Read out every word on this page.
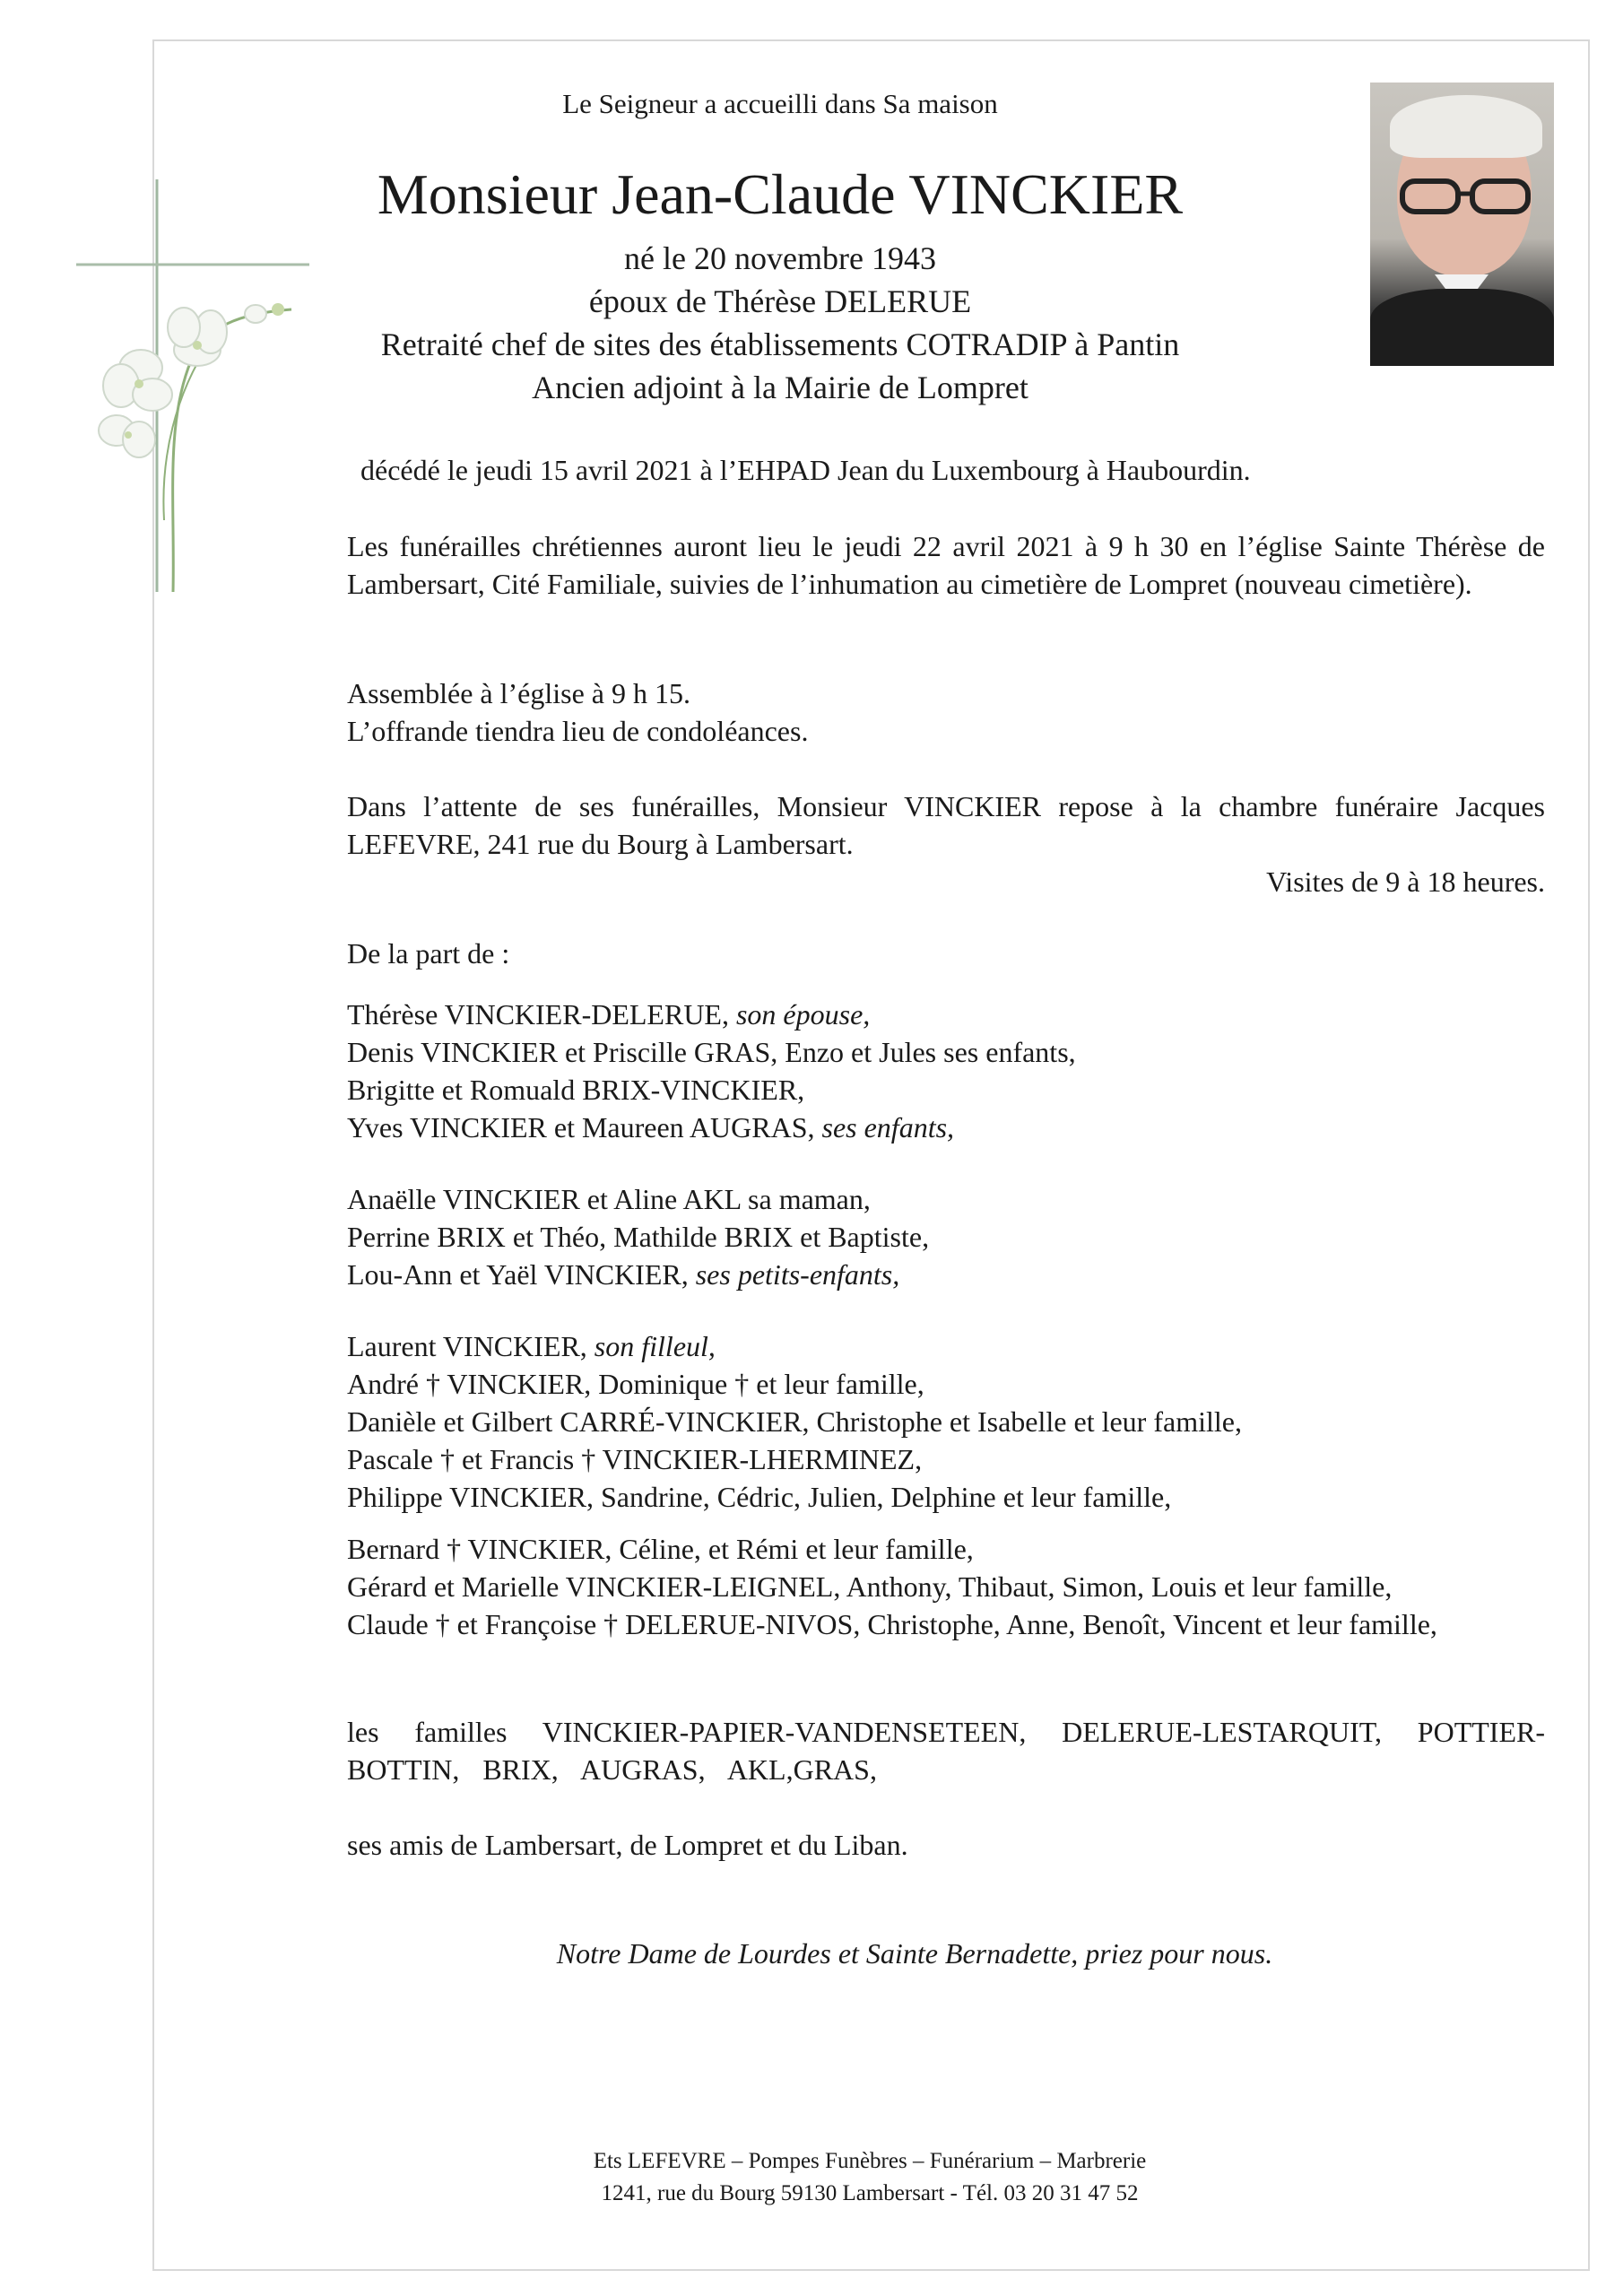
Le Seigneur a accueilli dans Sa maison
Monsieur Jean-Claude VINCKIER
né le 20 novembre 1943
époux de Thérèse DELERUE
Retraité chef de sites des établissements COTRADIP à Pantin
Ancien adjoint à la Mairie de Lompret
décédé le jeudi 15 avril 2021 à l’EHPAD Jean du Luxembourg à Haubourdin.
Les funérailles chrétiennes auront lieu le jeudi 22 avril 2021 à 9 h 30 en l’église Sainte Thérèse de Lambersart, Cité Familiale, suivies de l’inhumation au cimetière de Lompret (nouveau cimetière).
Assemblée à l’église à 9 h 15.
L’offrande tiendra lieu de condoléances.
Dans l’attente de ses funérailles, Monsieur VINCKIER repose à la chambre funéraire Jacques LEFEVRE, 241 rue du Bourg à Lambersart.
Visites de 9 à 18 heures.
De la part de :

Thérèse VINCKIER-DELERUE, son épouse,

Denis VINCKIER et Priscille GRAS, Enzo et Jules ses enfants,

Brigitte et Romuald BRIX-VINCKIER,

Yves VINCKIER et Maureen AUGRAS, ses enfants,

Anaëlle VINCKIER et Aline AKL sa maman,

Perrine BRIX et Théo, Mathilde BRIX et Baptiste,

Lou-Ann et Yaël VINCKIER, ses petits-enfants,

Laurent VINCKIER, son filleul,

André † VINCKIER, Dominique † et leur famille,

Danièle et Gilbert CARRÉ-VINCKIER, Christophe et Isabelle et leur famille,

Pascale † et Francis † VINCKIER-LHERMINEZ,

Philippe VINCKIER, Sandrine, Cédric, Julien, Delphine et leur famille,

Bernard † VINCKIER, Céline, et Rémi et leur famille,

Gérard et Marielle VINCKIER-LEIGNEL, Anthony, Thibaut, Simon, Louis et leur famille,

Claude † et Françoise † DELERUE-NIVOS, Christophe, Anne, Benoît, Vincent et leur famille,

les familles VINCKIER-PAPIER-VANDENSETEEN, DELERUE-LESTARQUIT, POTTIER-BOTTIN, BRIX, AUGRAS, AKL,GRAS,
ses amis de Lambersart, de Lompret et du Liban.
Notre Dame de Lourdes et Sainte Bernadette, priez pour nous.
Ets LEFEVRE – Pompes Funèbres – Funérarium – Marbrerie
1241, rue du Bourg 59130 Lambersart - Tél. 03 20 31 47 52
